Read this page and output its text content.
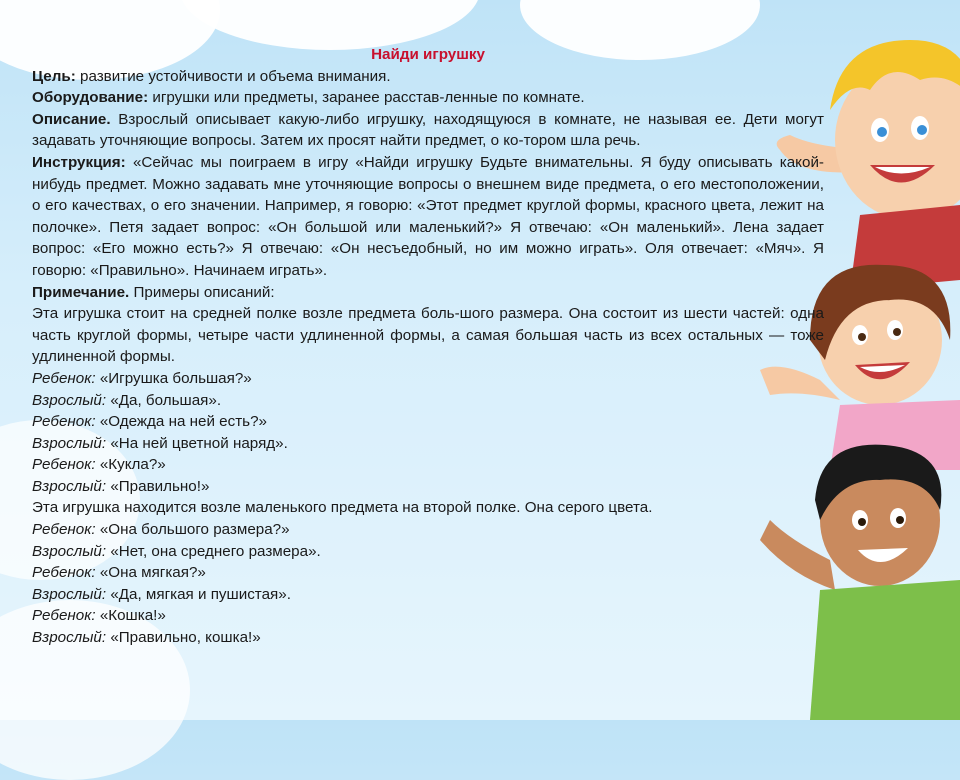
Найди игрушку

Цель: развитие устойчивости и объема внимания.

Оборудование: игрушки или предметы, заранее расстав-ленные по комнате.

Описание. Взрослый описывает какую-либо игрушку, находящуюся в комнате, не называя ее. Дети могут задавать уточняющие вопросы. Затем их просят найти предмет, о ко-тором шла речь.

Инструкция: «Сейчас мы поиграем в игру «Найди игрушку Будьте внимательны. Я буду описывать какой-нибудь предмет. Можно задавать мне уточняющие вопросы о внешнем виде предмета, о его местоположении, о его качествах, о его значении. Например, я говорю: «Этот предмет круглой формы, красного цвета, лежит на полочке». Петя задает вопрос: «Он большой или маленький?» Я отвечаю: «Он маленький». Лена задает вопрос: «Его можно есть?» Я отвечаю: «Он несъедобный, но им можно играть». Оля отвечает: «Мяч». Я говорю: «Правильно». Начинаем играть».

Примечание. Примеры описаний:

Эта игрушка стоит на средней полке возле предмета боль-шого размера. Она состоит из шести частей: одна часть круглой формы, четыре части удлиненной формы, а самая большая часть из всех остальных — тоже удлиненной формы.

Ребенок: «Игрушка большая?»

Взрослый: «Да, большая».

Ребенок: «Одежда на ней есть?»

Взрослый: «На ней цветной наряд».

Ребенок: «Кукла?»

Взрослый: «Правильно!»

Эта игрушка находится возле маленького предмета на второй полке. Она серого цвета.

Ребенок: «Она большого размера?»

Взрослый: «Нет, она среднего размера».

Ребенок: «Она мягкая?»

Взрослый: «Да, мягкая и пушистая».

Ребенок: «Кошка!»

Взрослый: «Правильно, кошка!»
